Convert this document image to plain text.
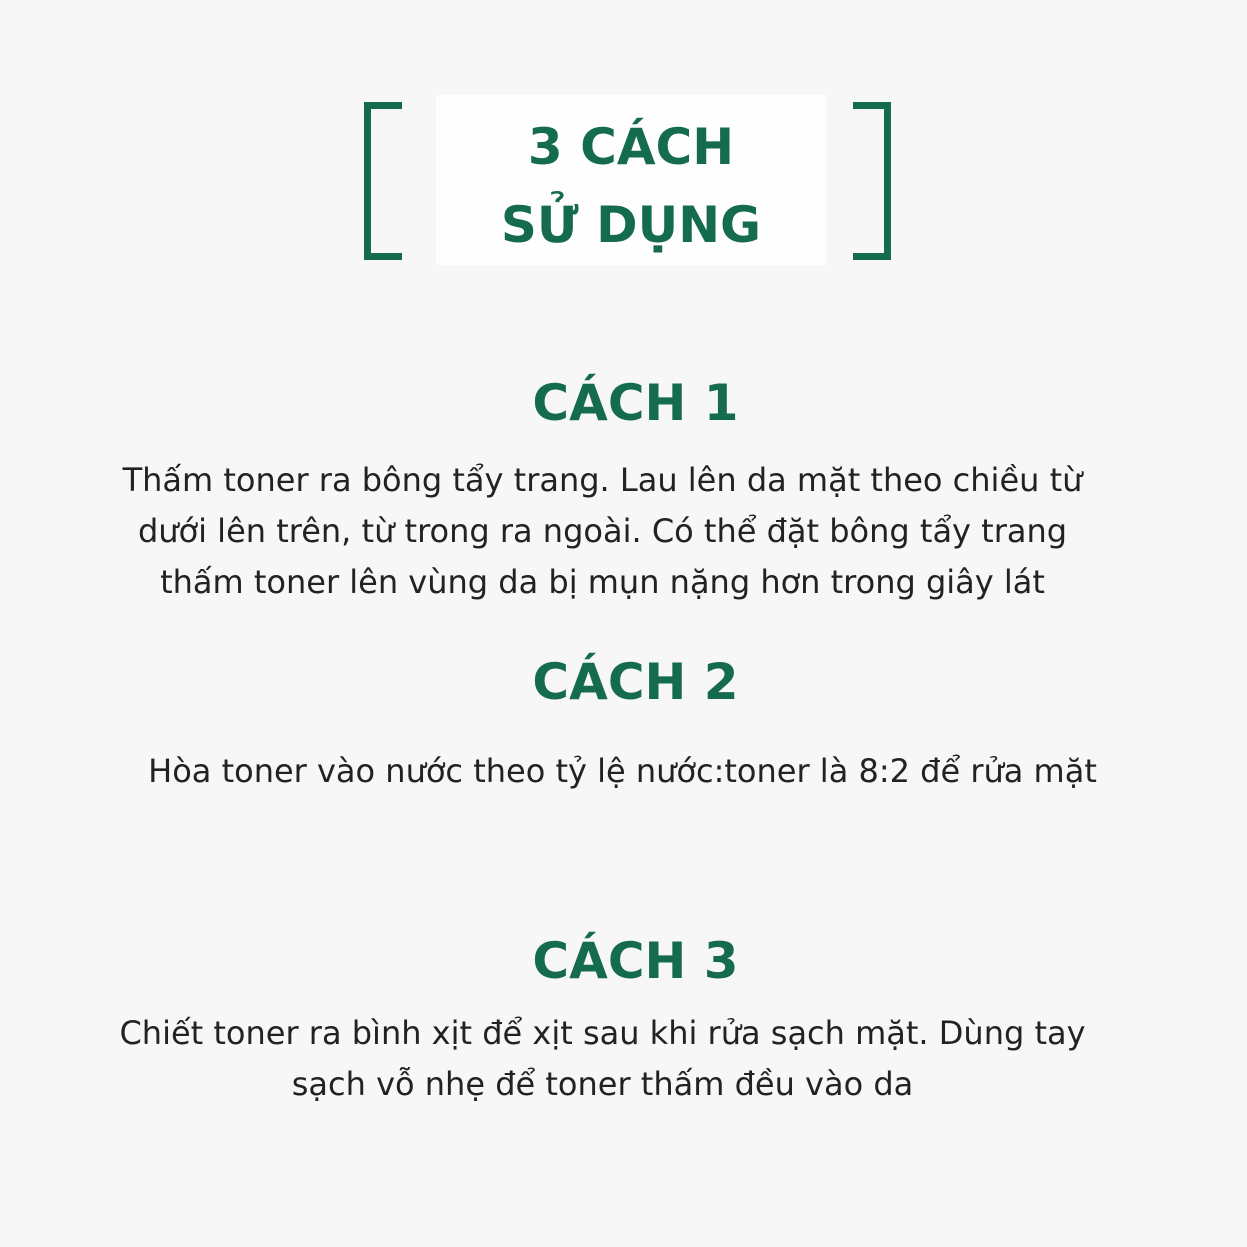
3 CÁCH
SỬ DỤNG
CÁCH 1

Thấm toner ra bông tẩy trang. Lau lên da mặt theo chiều từ
dưới lên trên, từ trong ra ngoài. Có thể đặt bông tẩy trang
thấm toner lên vùng da bị mụn nặng hơn trong giây lát

CÁCH 2

Hòa toner vào nước theo tỷ lệ nước:toner là 8:2 để rửa mặt

CÁCH 3

Chiết toner ra bình xịt để xịt sau khi rửa sạch mặt. Dùng tay
sạch vỗ nhẹ để toner thấm đều vào da
